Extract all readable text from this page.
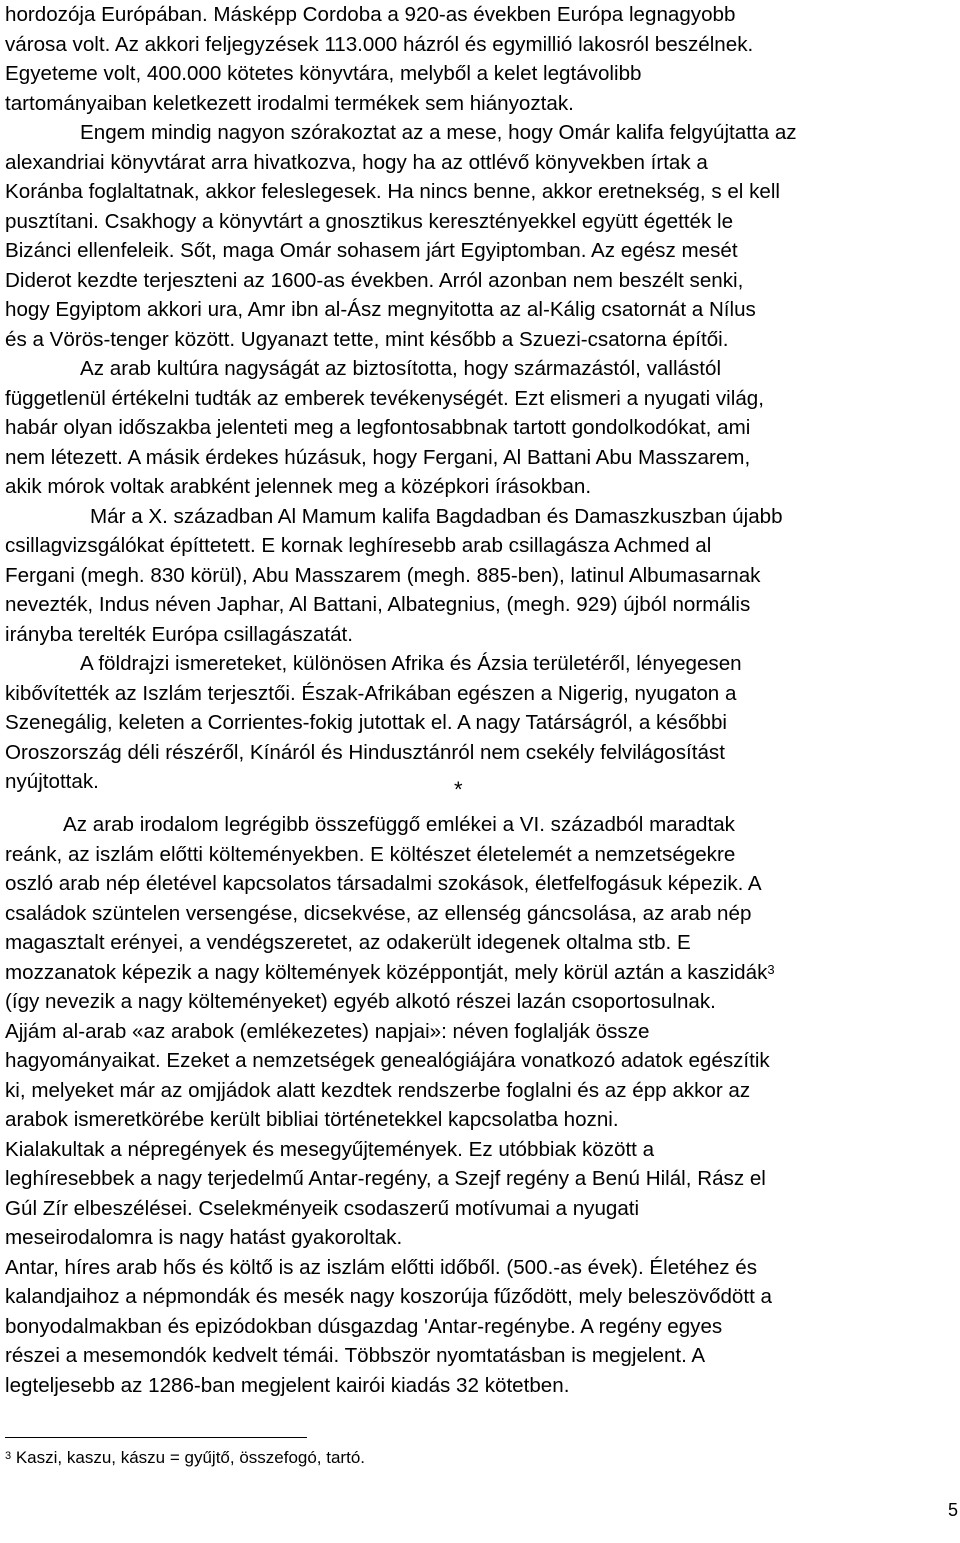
hordozója Európában. Másképp Cordoba a 920-as években Európa legnagyobb
városa volt. Az akkori feljegyzések 113.000 házról és egymillió lakosról beszélnek.
Egyeteme volt, 400.000 kötetes könyvtára, melyből a kelet legtávolibb
tartományaiban keletkezett irodalmi termékek sem hiányoztak.
Engem mindig nagyon szórakoztat az a mese, hogy Omár kalifa felgyújtatta az
alexandriai könyvtárat arra hivatkozva, hogy ha az ottlévő könyvekben írtak a
Koránba foglaltatnak, akkor feleslegesek. Ha nincs benne, akkor eretnekség, s el kell
pusztítani. Csakhogy a könyvtárt a gnosztikus keresztényekkel együtt égették le
Bizánci ellenfeleik. Sőt, maga Omár sohasem járt Egyiptomban. Az egész mesét
Diderot kezdte terjeszteni az 1600-as években. Arról azonban nem beszélt senki,
hogy Egyiptom akkori ura, Amr ibn al-Ász megnyitotta az al-Kálig csatornát a Nílus
és a Vörös-tenger között. Ugyanazt tette, mint később a Szuezi-csatorna építői.
Az arab kultúra nagyságát az biztosította, hogy származástól, vallástól
függetlenül értékelni tudták az emberek tevékenységét. Ezt elismeri a nyugati világ,
habár olyan időszakba jelenteti meg a legfontosabbnak tartott gondolkodókat, ami
nem létezett. A másik érdekes húzásuk, hogy Fergani, Al Battani Abu Masszarem,
akik mórok voltak arabként jelennek meg a középkori írásokban.
Már a X. században Al Mamum kalifa Bagdadban és Damaszkuszban újabb
csillagvizsgálókat építtetett. E kornak leghíresebb arab csillagásza Achmed al
Fergani (megh. 830 körül), Abu Masszarem (megh. 885-ben), latinul Albumasarnak
nevezték, Indus néven Japhar, Al Battani, Albategnius, (megh. 929) újból normális
irányba terelték Európa csillagászatát.
A földrajzi ismereteket, különösen Afrika és Ázsia területéről, lényegesen
kibővítették az Iszlám terjesztői. Észak-Afrikában egészen a Nigerig, nyugaton a
Szenegálig, keleten a Corrientes-fokig jutottak el. A nagy Tatárságról, a későbbi
Oroszország déli részéről, Kínáról és Hindusztánról nem csekély felvilágosítást
nyújtottak.	*
Az arab irodalom legrégibb összefüggő emlékei a VI. századból maradtak
reánk, az iszlám előtti költeményekben. E költészet életelemét a nemzetségekre
oszló arab nép életével kapcsolatos társadalmi szokások, életfelfogásuk képezik. A
családok szüntelen versengése, dicsekvése, az ellenség gáncsolása, az arab nép
magasztalt erényei, a vendégszeretet, az odakerült idegenek oltalma stb. E
mozzanatok képezik a nagy költemények középpontját, mely körül aztán a kaszidák$^3$
(így nevezik a nagy költeményeket) egyéb alkotó részei lazán csoportosulnak.
Ajjám al-arab «az arabok (emlékezetes) napjai»: néven foglalják össze
hagyományaikat. Ezeket a nemzetségek genealógiájára vonatkozó adatok egészítik
ki, melyeket már az omjjádok alatt kezdtek rendszerbe foglalni és az épp akkor az
arabok ismeretkörébe került bibliai történetekkel kapcsolatba hozni.
Kialakultak a népregények és mesegyűjtemények. Ez utóbbiak között a
leghíresebbek a nagy terjedelmű Antar-regény, a Szejf regény a Benú Hilál, Rász el
Gúl Zír elbeszélései. Cselekményeik csodaszerű motívumai a nyugati
meseirodalomra is nagy hatást gyakoroltak.
Antar, híres arab hős és költő is az iszlám előtti időből. (500.-as évek). Életéhez és
kalandjaihoz a népmondák és mesék nagy koszorúja fűződött, mely beleszövődött a
bonyodalmakban és epizódokban dúsgazdag 'Antar-regénybe. A regény egyes
részei a mesemondók kedvelt témái. Többször nyomtatásban is megjelent. A
legteljesebb az 1286-ban megjelent kairói kiadás 32 kötetben.
$^3$ Kaszi, kaszu, kászu = gyűjtő, összefogó, tartó.
5
